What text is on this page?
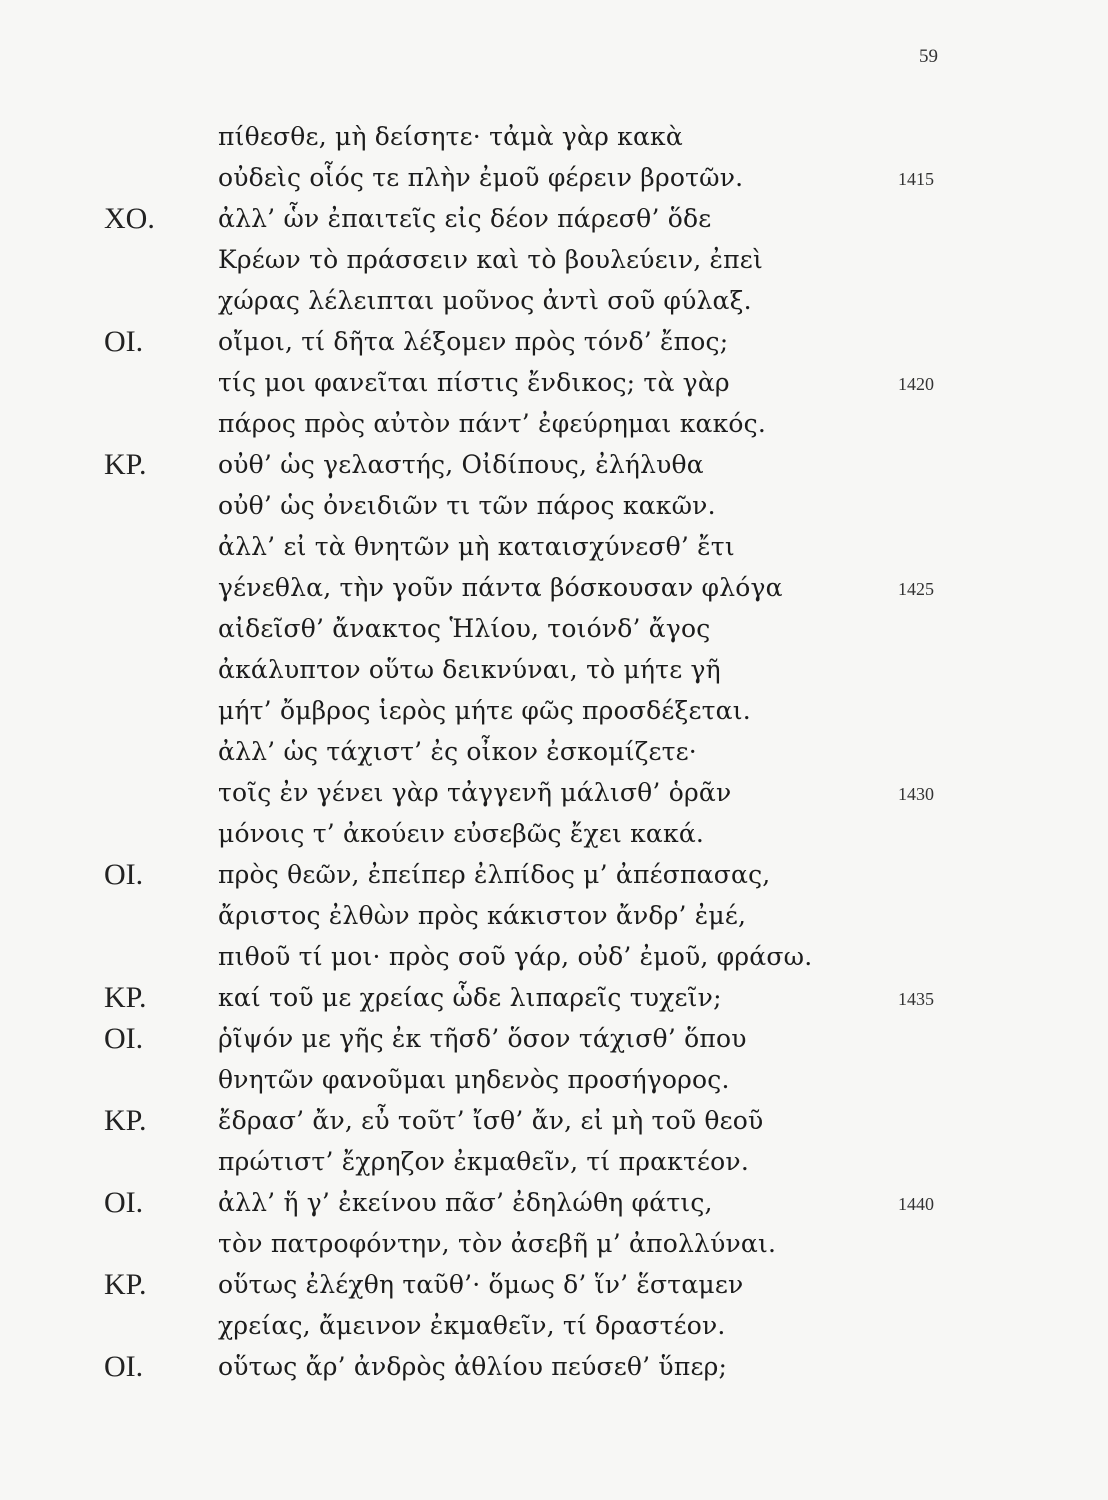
59
πίθεσθε, μὴ δείσητε· τἀμὰ γὰρ κακὰ
οὐδεὶς οἷός τε πλὴν ἐμοῦ φέρειν βροτῶν.	1415
ΧΟ.	ἀλλ’ ὧν ἐπαιτεῖς εἰς δέον πάρεσθ’ ὅδε
Κρέων τὸ πράσσειν καὶ τὸ βουλεύειν, ἐπεὶ
χώρας λέλειπται μοῦνος ἀντὶ σοῦ φύλαξ.
ΟΙ.	οἴμοι, τί δῆτα λέξομεν πρὸς τόνδ’ ἔπος;
τίς μοι φανεῖται πίστις ἔνδικος; τὰ γὰρ	1420
πάρος πρὸς αὐτὸν πάντ’ ἐφεύρημαι κακός.
ΚΡ.	οὐθ’ ὡς γελαστής, Οἰδίπους, ἐλήλυθα
οὐθ’ ὡς ὀνειδιῶν τι τῶν πάρος κακῶν.
ἀλλ’ εἰ τὰ θνητῶν μὴ καταισχύνεσθ’ ἔτι
γένεθλα, τὴν γοῦν πάντα βόσκουσαν φλόγα	1425
αἰδεῖσθ’ ἄνακτος Ἡλίου, τοιόνδ’ ἄγος
ἀκάλυπτον οὕτω δεικνύναι, τὸ μήτε γῆ
μήτ’ ὄμβρος ἱερὸς μήτε φῶς προσδέξεται.
ἀλλ’ ὡς τάχιστ’ ἐς οἶκον ἐσκομίζετε·
τοῖς ἐν γένει γὰρ τἀγγενῆ μάλισθ’ ὁρᾶν	1430
μόνοις τ’ ἀκούειν εὐσεβῶς ἔχει κακά.
ΟΙ.	πρὸς θεῶν, ἐπείπερ ἐλπίδος μ’ ἀπέσπασας,
ἄριστος ἐλθὼν πρὸς κάκιστον ἄνδρ’ ἐμέ,
πιθοῦ τί μοι· πρὸς σοῦ γάρ, οὐδ’ ἐμοῦ, φράσω.
ΚΡ.	καί τοῦ με χρείας ὧδε λιπαρεῖς τυχεῖν;	1435
ΟΙ.	ῥῖψόν με γῆς ἐκ τῆσδ’ ὅσον τάχισθ’ ὅπου
θνητῶν φανοῦμαι μηδενὸς προσήγορος.
ΚΡ.	ἔδρασ’ ἄν, εὖ τοῦτ’ ἴσθ’ ἄν, εἰ μὴ τοῦ θεοῦ
πρώτιστ’ ἔχρηζον ἐκμαθεῖν, τί πρακτέον.
ΟΙ.	ἀλλ’ ἥ γ’ ἐκείνου πᾶσ’ ἐδηλώθη φάτις,	1440
τὸν πατροφόντην, τὸν ἀσεβῆ μ’ ἀπολλύναι.
ΚΡ.	οὕτως ἐλέχθη ταῦθ’· ὅμως δ’ ἵν’ ἕσταμεν
χρείας, ἄμεινον ἐκμαθεῖν, τί δραστέον.
ΟΙ.	οὕτως ἄρ’ ἀνδρὸς ἀθλίου πεύσεθ’ ὕπερ;
